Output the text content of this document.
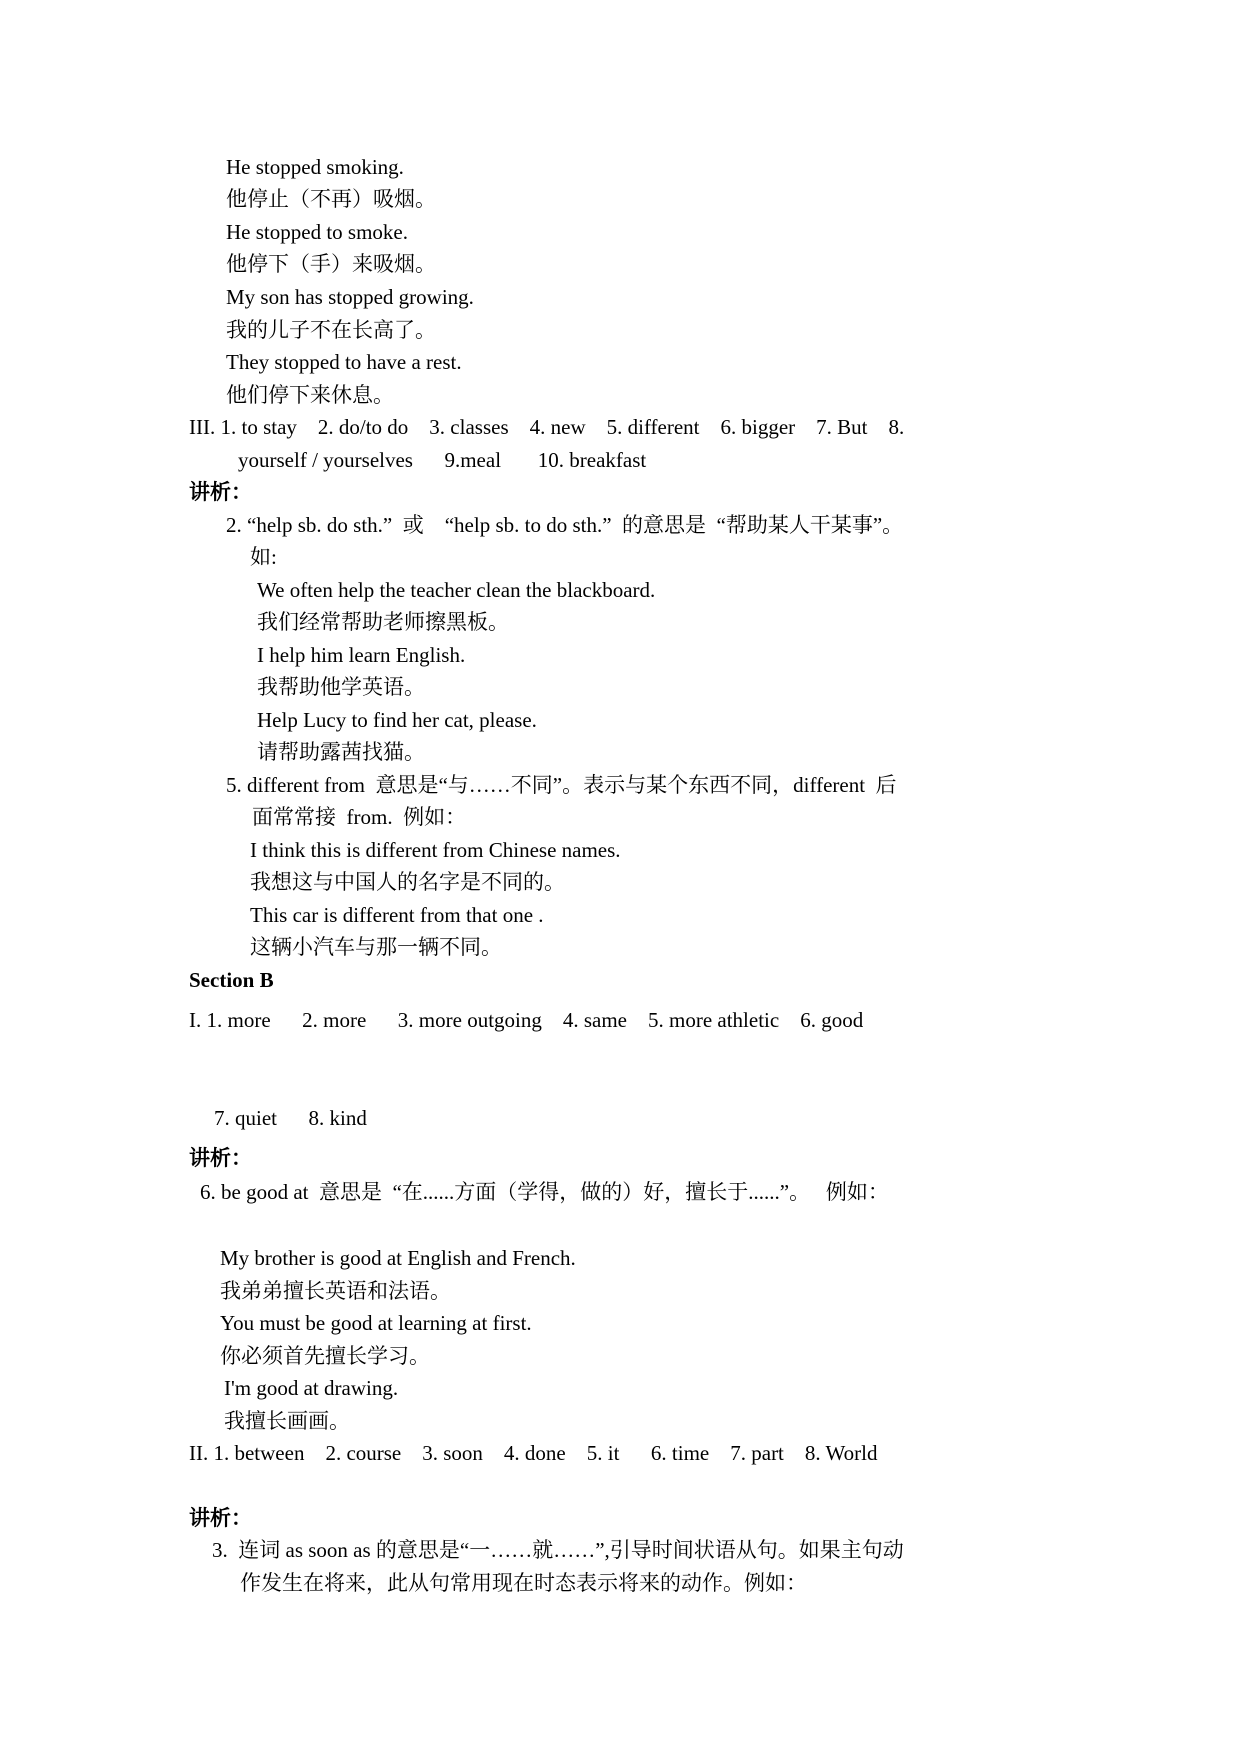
He stopped smoking.
他停止（不再）吸烟。
He stopped to smoke.
他停下（手）来吸烟。
My son has stopped growing.
我的儿子不在长高了。
They stopped to have a rest.
他们停下来休息。
III. 1. to stay    2. do/to do    3. classes    4. new    5. different    6. bigger    7. But    8.
yourself / yourselves      9.meal       10. breakfast
讲析：
2. “help sb. do sth.”  或    “help sb. to do sth.”  的意思是  “帮助某人干某事”。
如:
We often help the teacher clean the blackboard.
我们经常帮助老师擦黑板。
I help him learn English.
我帮助他学英语。
Help Lucy to find her cat, please.
请帮助露茜找猫。
5. different from  意思是“与……不同”。表示与某个东西不同，different  后
面常常接  from.  例如：
I think this is different from Chinese names.
我想这与中国人的名字是不同的。
This car is different from that one .
这辆小汽车与那一辆不同。
Section B
I. 1. more      2. more      3. more outgoing    4. same    5. more athletic    6. good
7. quiet      8. kind
讲析：
6. be good at  意思是  “在......方面（学得，做的）好，擅长于......”。   例如：
My brother is good at English and French.
我弟弟擅长英语和法语。
You must be good at learning at first.
你必须首先擅长学习。
I'm good at drawing.
我擅长画画。
II. 1. between    2. course    3. soon    4. done    5. it      6. time    7. part    8. World
讲析：
3.  连词 as soon as 的意思是“一……就……”,引导时间状语从句。如果主句动
作发生在将来，此从句常用现在时态表示将来的动作。例如：
